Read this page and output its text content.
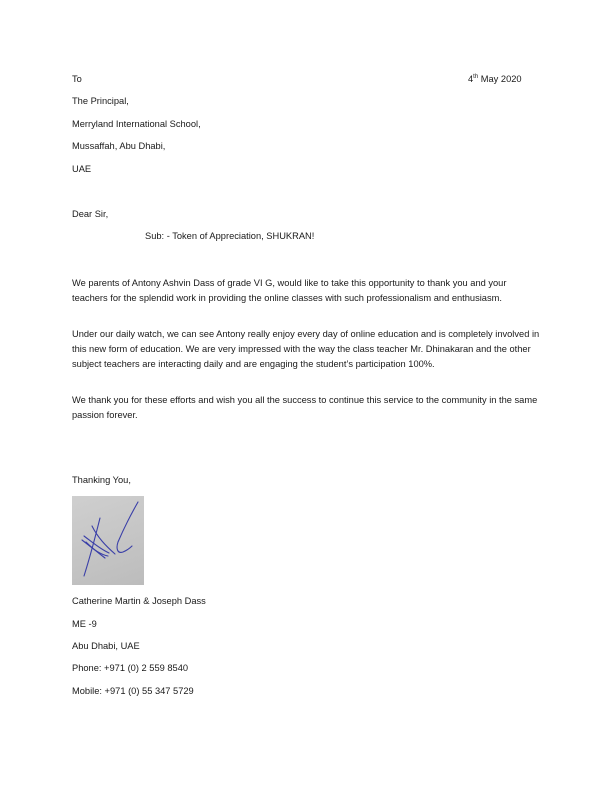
To	4th May 2020
The Principal,
Merryland International School,
Mussaffah, Abu Dhabi,
UAE
Dear Sir,
Sub: - Token of Appreciation, SHUKRAN!
We parents of Antony Ashvin Dass of grade VI G, would like to take this opportunity to thank you and your teachers for the splendid work in providing the online classes with such professionalism and enthusiasm.
Under our daily watch, we can see Antony really enjoy every day of online education and is completely involved in this new form of education. We are very impressed with the way the class teacher Mr. Dhinakaran and the other subject teachers are interacting daily and are engaging the student’s participation 100%.
We thank you for these efforts and wish you all the success to continue this service to the community in the same passion forever.
Thanking You,
Catherine Martin & Joseph Dass
ME -9
Abu Dhabi, UAE
Phone: +971 (0) 2 559 8540
Mobile: +971 (0) 55 347 5729
